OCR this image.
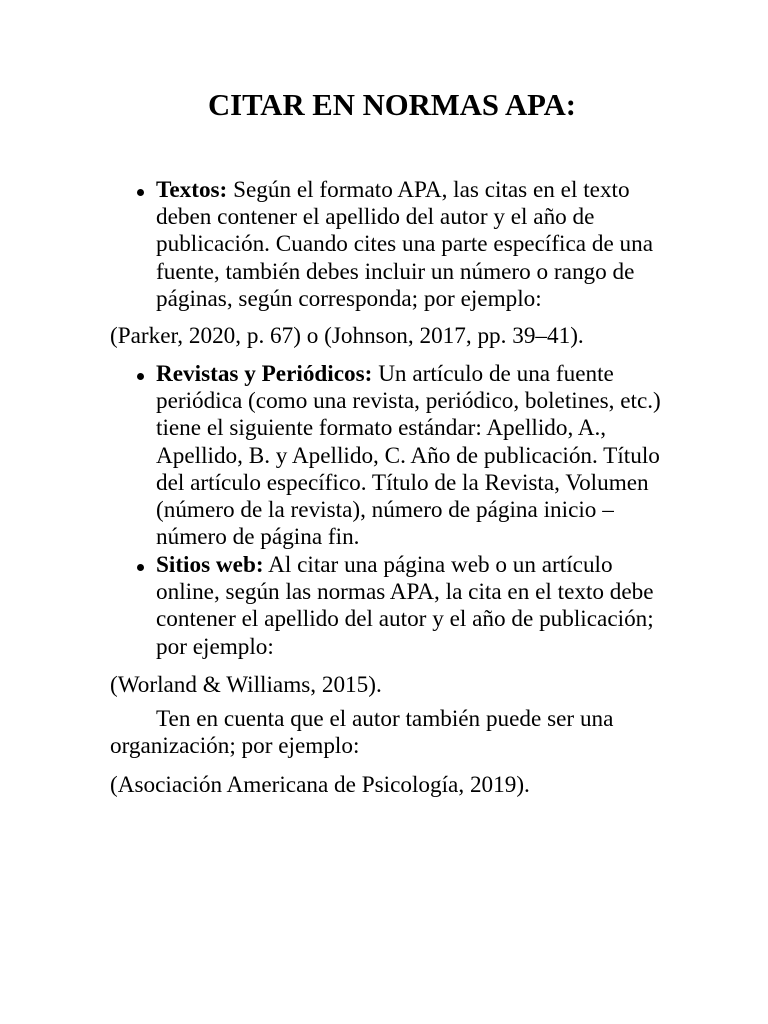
CITAR EN NORMAS APA:
Textos: Según el formato APA, las citas en el texto
deben contener el apellido del autor y el año de
publicación. Cuando cites una parte específica de una
fuente, también debes incluir un número o rango de
páginas, según corresponda; por ejemplo:
(Parker, 2020, p. 67) o (Johnson, 2017, pp. 39–41).
Revistas y Periódicos: Un artículo de una fuente
periódica (como una revista, periódico, boletines, etc.)
tiene el siguiente formato estándar: Apellido, A.,
Apellido, B. y Apellido, C. Año de publicación. Título
del artículo específico. Título de la Revista, Volumen
(número de la revista), número de página inicio –
número de página fin.
Sitios web: Al citar una página web o un artículo
online, según las normas APA, la cita en el texto debe
contener el apellido del autor y el año de publicación;
por ejemplo:
(Worland & Williams, 2015).
Ten en cuenta que el autor también puede ser una
organización; por ejemplo:
(Asociación Americana de Psicología, 2019).
